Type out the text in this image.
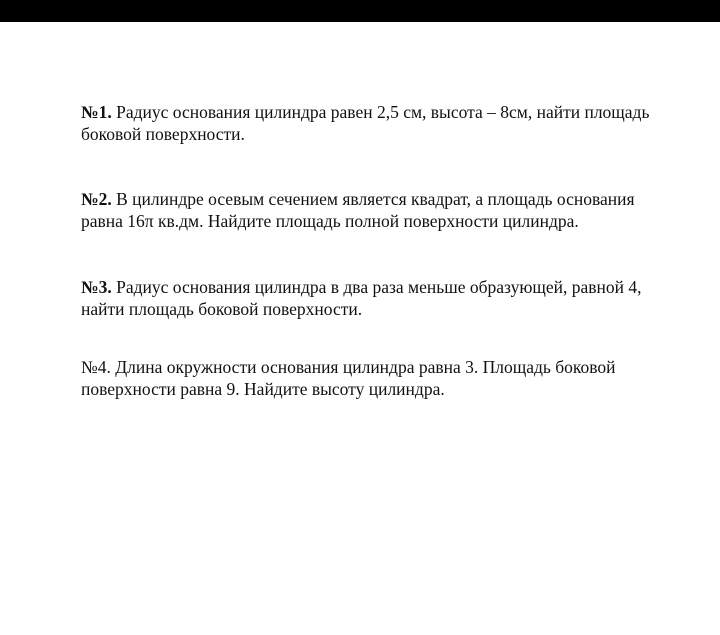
№1. Радиус основания цилиндра равен 2,5 см, высота – 8см, найти площадь
боковой поверхности.

№2. В цилиндре осевым сечением является квадрат, а площадь основания
равна 16π кв.дм. Найдите площадь полной поверхности цилиндра.

№3. Радиус основания цилиндра в два раза меньше образующей, равной 4,
найти площадь боковой поверхности.

№4. Длина окружности основания цилиндра равна 3. Площадь боковой
поверхности равна 9. Найдите высоту цилиндра.
